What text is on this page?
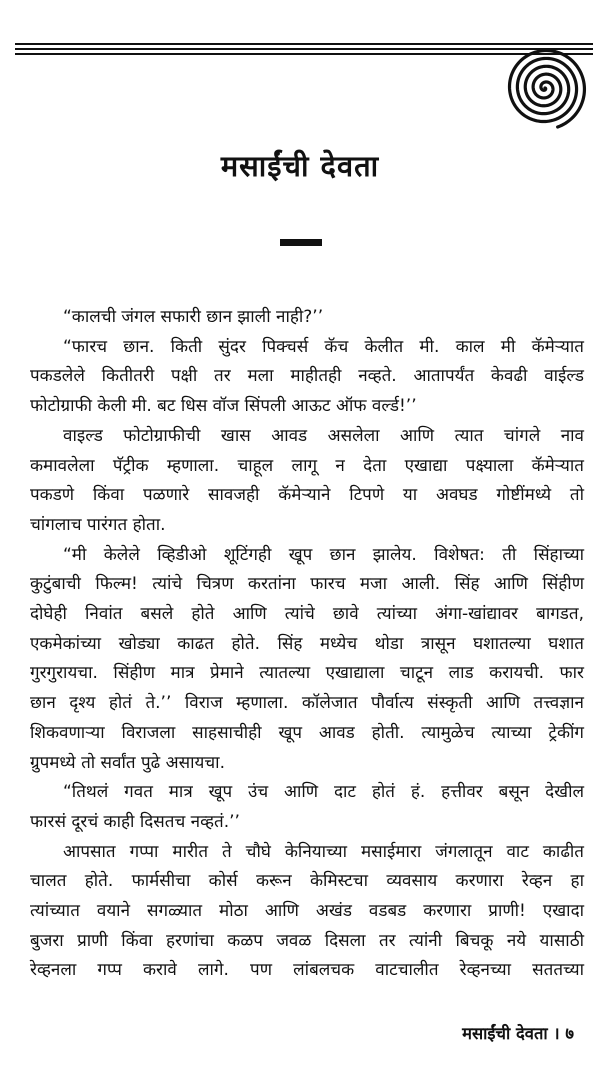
मसाईंची देवता

“कालची जंगल सफारी छान झाली नाही?’’

“फारच छान. किती सुंदर पिक्चर्स कॅच केलीत मी. काल मी कॅमेऱ्यात

पकडलेले कितीतरी पक्षी तर मला माहीतही नव्हते. आतापर्यंत केवढी वाईल्ड

फोटोग्राफी केली मी. बट धिस वॉज सिंपली आऊट ऑफ वर्ल्ड!’’

वाइल्ड फोटोग्राफीची खास आवड असलेला आणि त्यात चांगले नाव

कमावलेला पॅट्रीक म्हणाला. चाहूल लागू न देता एखाद्या पक्ष्याला कॅमेऱ्यात

पकडणे किंवा पळणारे सावजही कॅमेऱ्याने टिपणे या अवघड गोष्टींमध्ये तो

चांगलाच पारंगत होता.

“मी केलेले व्हिडीओ शूटिंगही खूप छान झालेय. विशेषत: ती सिंहाच्या

कुटुंबाची फिल्म! त्यांचे चित्रण करतांना फारच मजा आली. सिंह आणि सिंहीण

दोघेही निवांत बसले होते आणि त्यांचे छावे त्यांच्या अंगा-खांद्यावर बागडत,

एकमेकांच्या खोड्या काढत होते. सिंह मध्येच थोडा त्रासून घशातल्या घशात

गुरगुरायचा. सिंहीण मात्र प्रेमाने त्यातल्या एखाद्याला चाटून लाड करायची. फार

छान दृश्य होतं ते.’’ विराज म्हणाला. कॉलेजात पौर्वात्य संस्कृती आणि तत्त्वज्ञान

शिकवणाऱ्या विराजला साहसाचीही खूप आवड होती. त्यामुळेच त्याच्या ट्रेकींग

ग्रुपमध्ये तो सर्वांत पुढे असायचा.

“तिथलं गवत मात्र खूप उंच आणि दाट होतं हं. हत्तीवर बसून देखील

फारसं दूरचं काही दिसतच नव्हतं.’’

आपसात गप्पा मारीत ते चौघे केनियाच्या मसाईमारा जंगलातून वाट काढीत

चालत होते. फार्मसीचा कोर्स करून केमिस्टचा व्यवसाय करणारा रेव्हन हा

त्यांच्यात वयाने सगळ्यात मोठा आणि अखंड वडबड करणारा प्राणी! एखादा

बुजरा प्राणी किंवा हरणांचा कळप जवळ दिसला तर त्यांनी बिचकू नये यासाठी

रेव्हनला गप्प करावे लागे. पण लांबलचक वाटचालीत रेव्हनच्या सततच्या

मसाईंची देवता । ७
